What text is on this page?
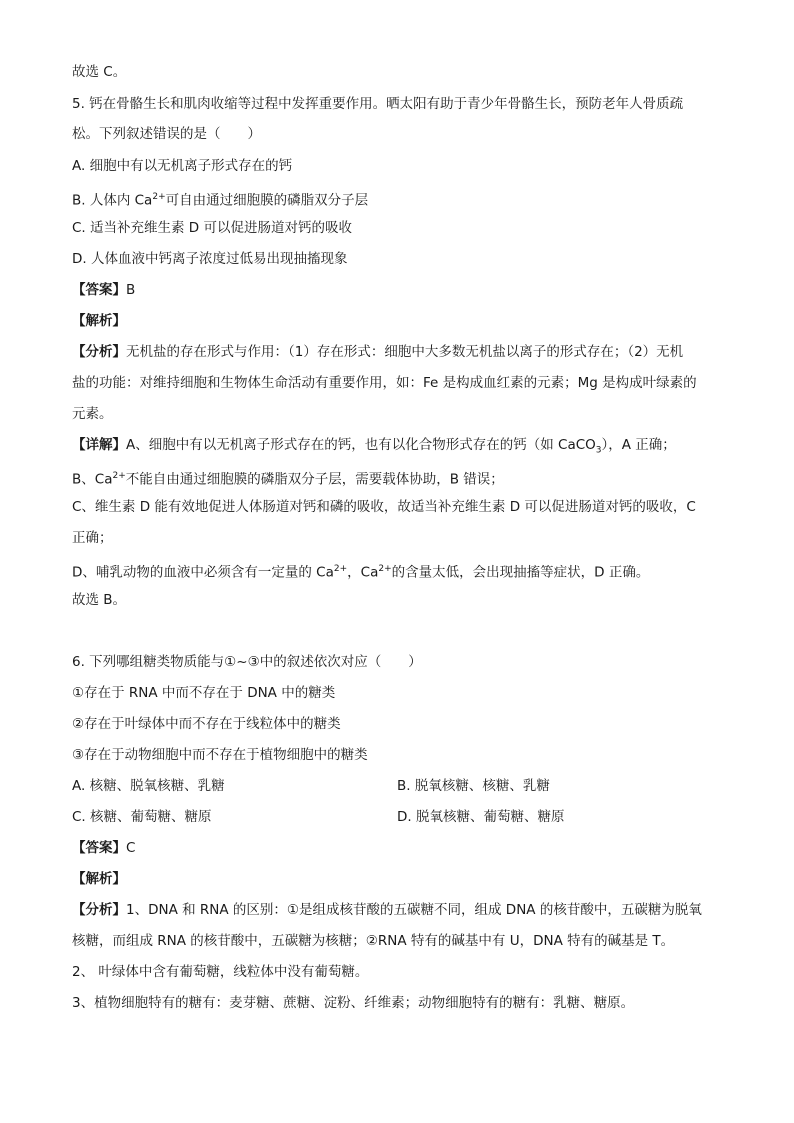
故选 C。
5. 钙在骨骼生长和肌肉收缩等过程中发挥重要作用。晒太阳有助于青少年骨骼生长，预防老年人骨质疏
松。下列叙述错误的是（　　）
A. 细胞中有以无机离子形式存在的钙
B. 人体内 $Ca^{2+}$可自由通过细胞膜的磷脂双分子层
C. 适当补充维生素 D 可以促进肠道对钙的吸收
D. 人体血液中钙离子浓度过低易出现抽搐现象
【答案】B
【解析】
【分析】无机盐的存在形式与作用：（1）存在形式：细胞中大多数无机盐以离子的形式存在；（2）无机
盐的功能：对维持细胞和生物体生命活动有重要作用，如：Fe 是构成血红素的元素；Mg 是构成叶绿素的
元素。
【详解】A、细胞中有以无机离子形式存在的钙，也有以化合物形式存在的钙（如 CaCO$_3$），A 正确；
B、$Ca^{2+}$不能自由通过细胞膜的磷脂双分子层，需要载体协助，B 错误；
C、维生素 D 能有效地促进人体肠道对钙和磷的吸收，故适当补充维生素 D 可以促进肠道对钙的吸收，C
正确；
D、哺乳动物的血液中必须含有一定量的 $Ca^{2+}$，$Ca^{2+}$的含量太低，会出现抽搐等症状，D 正确。
故选 B。
6. 下列哪组糖类物质能与①~③中的叙述依次对应（　　）
①存在于 RNA 中而不存在于 DNA 中的糖类
②存在于叶绿体中而不存在于线粒体中的糖类
③存在于动物细胞中而不存在于植物细胞中的糖类
A. 核糖、脱氧核糖、乳糖	B. 脱氧核糖、核糖、乳糖
C. 核糖、葡萄糖、糖原	D. 脱氧核糖、葡萄糖、糖原
【答案】C
【解析】
【分析】1、DNA 和 RNA 的区别：①是组成核苷酸的五碳糖不同，组成 DNA 的核苷酸中，五碳糖为脱氧
核糖，而组成 RNA 的核苷酸中，五碳糖为核糖；②RNA 特有的碱基中有 U，DNA 特有的碱基是 T。
2、 叶绿体中含有葡萄糖，线粒体中没有葡萄糖。
3、植物细胞特有的糖有：麦芽糖、蔗糖、淀粉、纤维素；动物细胞特有的糖有：乳糖、糖原。
